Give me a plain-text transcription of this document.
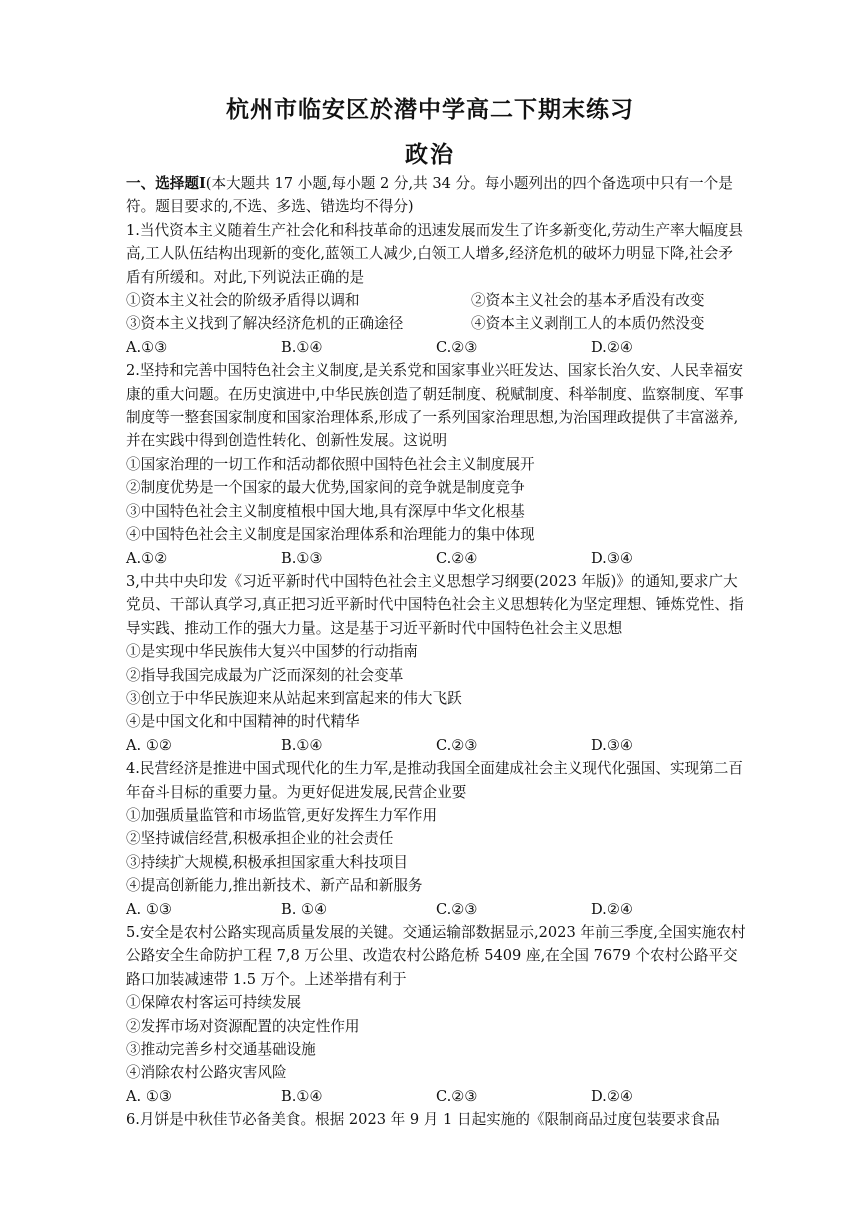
杭州市临安区於潜中学高二下期末练习
政治

一、选择题Ⅰ(本大题共 17 小题,每小题 2 分,共 34 分。每小题列出的四个备选项中只有一个是符。题目要求的,不选、多选、错选均不得分)

1.当代资本主义随着生产社会化和科技革命的迅速发展而发生了许多新变化,劳动生产率大幅度县高,工人队伍结构出现新的变化,蓝领工人减少,白领工人增多,经济危机的破坏力明显下降,社会矛盾有所缓和。对此,下列说法正确的是

①资本主义社会的阶级矛盾得以调和	②资本主义社会的基本矛盾没有改变
③资本主义找到了解决经济危机的正确途径	④资本主义剥削工人的本质仍然没变
A.①③	B.①④	C.②③	D.②④

2.坚持和完善中国特色社会主义制度,是关系党和国家事业兴旺发达、国家长治久安、人民幸福安康的重大问题。在历史演进中,中华民族创造了朝廷制度、税赋制度、科举制度、监察制度、军事制度等一整套国家制度和国家治理体系,形成了一系列国家治理思想,为治国理政提供了丰富滋养,并在实践中得到创造性转化、创新性发展。这说明

①国家治理的一切工作和活动都依照中国特色社会主义制度展开

②制度优势是一个国家的最大优势,国家间的竞争就是制度竞争

③中国特色社会主义制度植根中国大地,具有深厚中华文化根基

④中国特色社会主义制度是国家治理体系和治理能力的集中体现

A.①②	B.①③	C.②④	D.③④

3,中共中央印发《习近平新时代中国特色社会主义思想学习纲要(2023 年版)》的通知,要求广大党员、干部认真学习,真正把习近平新时代中国特色社会主义思想转化为坚定理想、锤炼党性、指导实践、推动工作的强大力量。这是基于习近平新时代中国特色社会主义思想

①是实现中华民族伟大复兴中国梦的行动指南

②指导我国完成最为广泛而深刻的社会变革

③创立于中华民族迎来从站起来到富起来的伟大飞跃

④是中国文化和中国精神的时代精华

A. ①②	B.①④	C.②③	D.③④

4.民营经济是推进中国式现代化的生力军,是推动我国全面建成社会主义现代化强国、实现第二百年奋斗目标的重要力量。为更好促进发展,民营企业要

①加强质量监管和市场监管,更好发挥生力军作用

②坚持诚信经营,积极承担企业的社会责任

③持续扩大规模,积极承担国家重大科技项目

④提高创新能力,推出新技术、新产品和新服务

A. ①③	B. ①④	C.②③	D.②④

5.安全是农村公路实现高质量发展的关键。交通运输部数据显示,2023 年前三季度,全国实施农村公路安全生命防护工程 7,8 万公里、改造农村公路危桥 5409 座,在全国 7679 个农村公路平交路口加装减速带 1.5 万个。上述举措有利于

①保障农村客运可持续发展

②发挥市场对资源配置的决定性作用

③推动完善乡村交通基础设施

④消除农村公路灾害风险

A. ①③	B.①④	C.②③	D.②④

6.月饼是中秋佳节必备美食。根据 2023 年 9 月 1 日起实施的《限制商品过度包装要求食品
